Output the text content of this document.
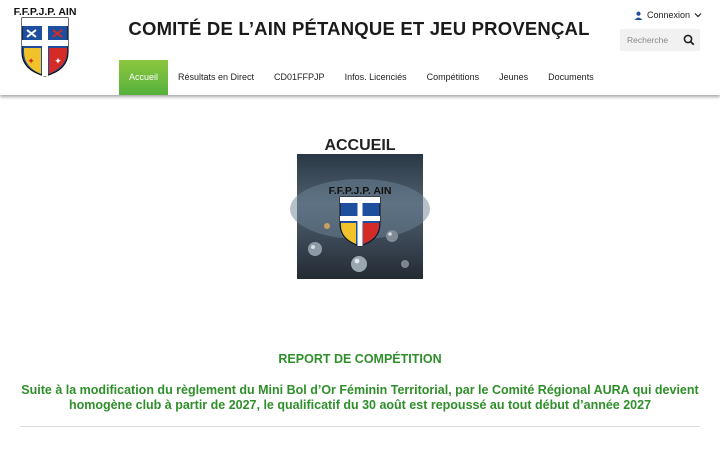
F.F.P.J.P. AIN
✦ ✦
COMITÉ DE L’AIN PÉTANQUE ET JEU PROVENÇAL
Connexion
Recherche
Accueil	Résultats en Direct	CD01FFPJP	Infos. Licenciés	Compétitions	Jeunes	Documents
ACCUEIL
F.F.P.J.P. AIN
REPORT DE COMPÉTITION

Suite à la modification du règlement du Mini Bol d’Or Féminin Territorial, par le Comité Régional AURA qui devient homogène club à partir de 2027, le qualificatif du 30 août est repoussé au tout début d’année 2027
